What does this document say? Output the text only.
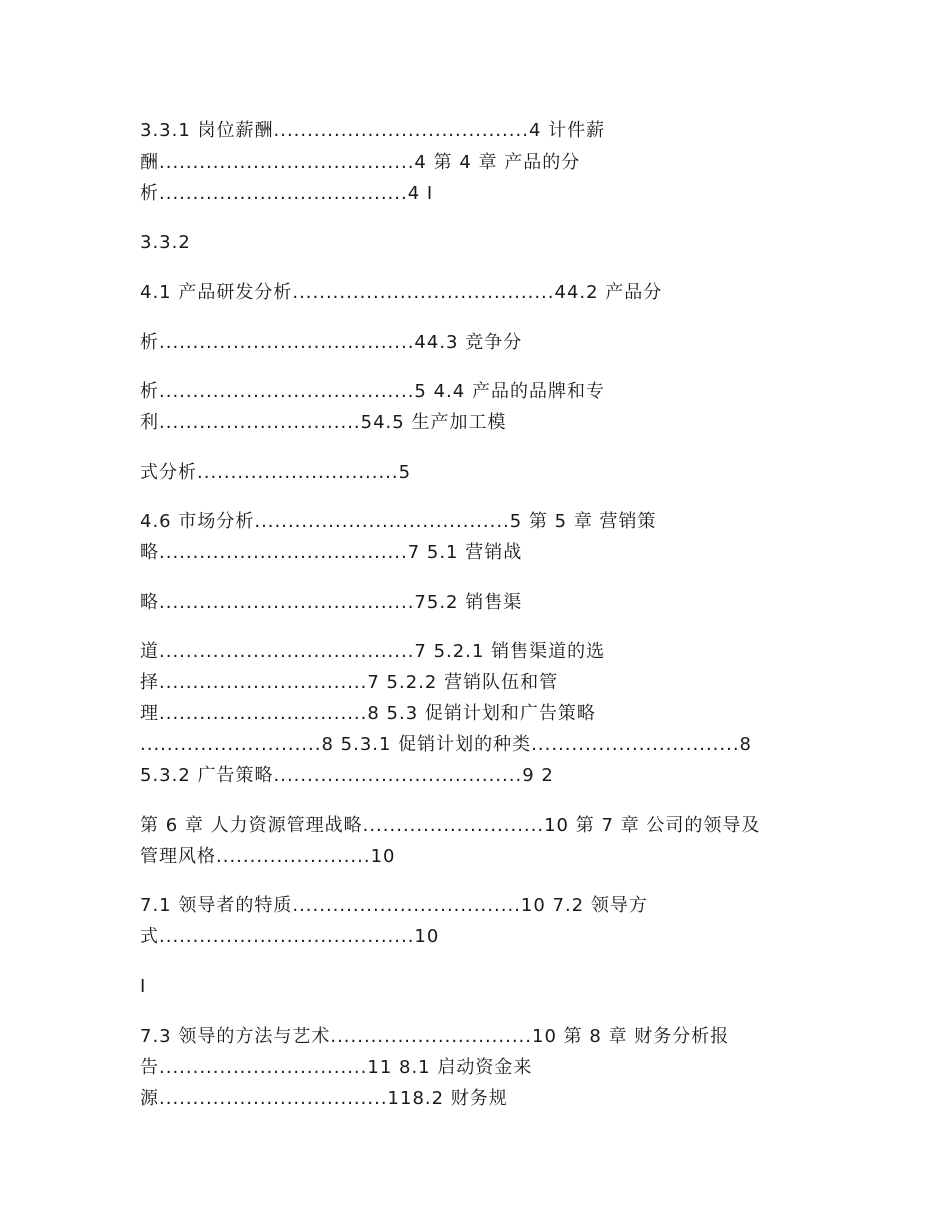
3.3.1 岗位薪酬......................................4 计件薪
酬......................................4 第 4 章 产品的分
析.....................................4 I
3.3.2
4.1 产品研发分析.......................................44.2 产品分
析......................................44.3 竞争分
析......................................5 4.4 产品的品牌和专
利..............................54.5 生产加工模
式分析..............................5
4.6 市场分析......................................5 第 5 章 营销策
略.....................................7 5.1 营销战
略......................................75.2 销售渠
道......................................7 5.2.1 销售渠道的选
择...............................7 5.2.2 营销队伍和管
理...............................8 5.3 促销计划和广告策略
...........................8 5.3.1 促销计划的种类...............................8
5.3.2 广告策略.....................................9 2
第 6 章 人力资源管理战略...........................10 第 7 章 公司的领导及
管理风格.......................10
7.1 领导者的特质..................................10 7.2 领导方
式......................................10
I
7.3 领导的方法与艺术..............................10 第 8 章 财务分析报
告...............................11 8.1 启动资金来
源..................................118.2 财务规
